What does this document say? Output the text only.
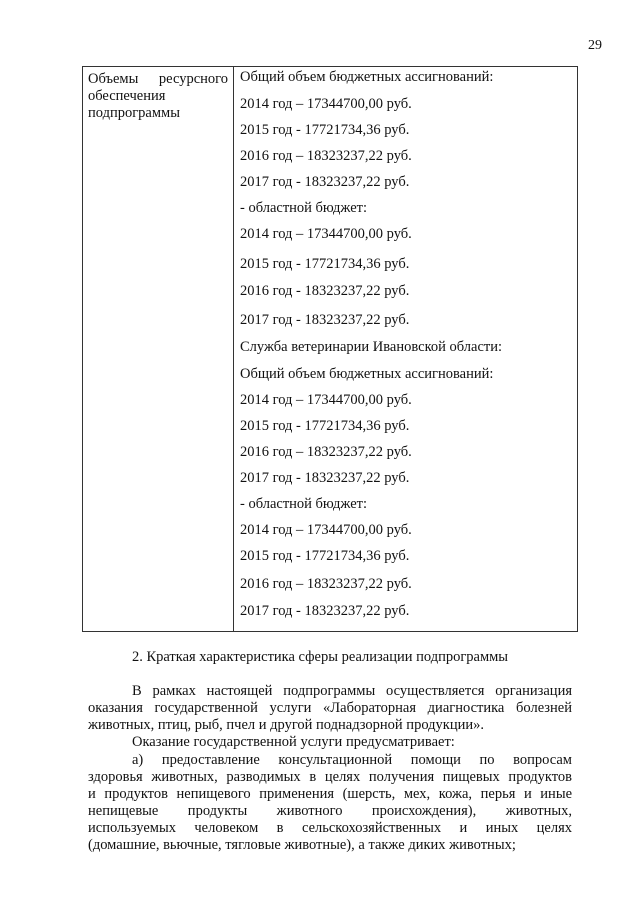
29
Объемы ресурсного
обеспечения
подпрограммы
Общий объем бюджетных ассигнований:
2014 год – 17344700,00 руб.
2015 год - 17721734,36 руб.
2016 год – 18323237,22 руб.
2017 год - 18323237,22 руб.
- областной бюджет:
2014 год – 17344700,00 руб.
2015 год - 17721734,36 руб.
2016 год - 18323237,22 руб.
2017 год - 18323237,22 руб.
Служба ветеринарии Ивановской области:
Общий объем бюджетных ассигнований:
2014 год – 17344700,00 руб.
2015 год - 17721734,36 руб.
2016 год – 18323237,22 руб.
2017 год - 18323237,22 руб.
- областной бюджет:
2014 год – 17344700,00 руб.
2015 год - 17721734,36 руб.
2016 год – 18323237,22 руб.
2017 год - 18323237,22 руб.
2. Краткая характеристика сферы реализации подпрограммы
В рамках настоящей подпрограммы осуществляется организация
оказания государственной услуги «Лабораторная диагностика болезней
животных, птиц, рыб, пчел и другой поднадзорной продукции».
Оказание государственной услуги предусматривает:
а) предоставление консультационной помощи по вопросам
здоровья животных, разводимых в целях получения пищевых продуктов
и продуктов непищевого применения (шерсть, мех, кожа, перья и иные
непищевые продукты животного происхождения), животных,
используемых человеком в сельскохозяйственных и иных целях
(домашние, вьючные, тягловые животные), а также диких животных;
